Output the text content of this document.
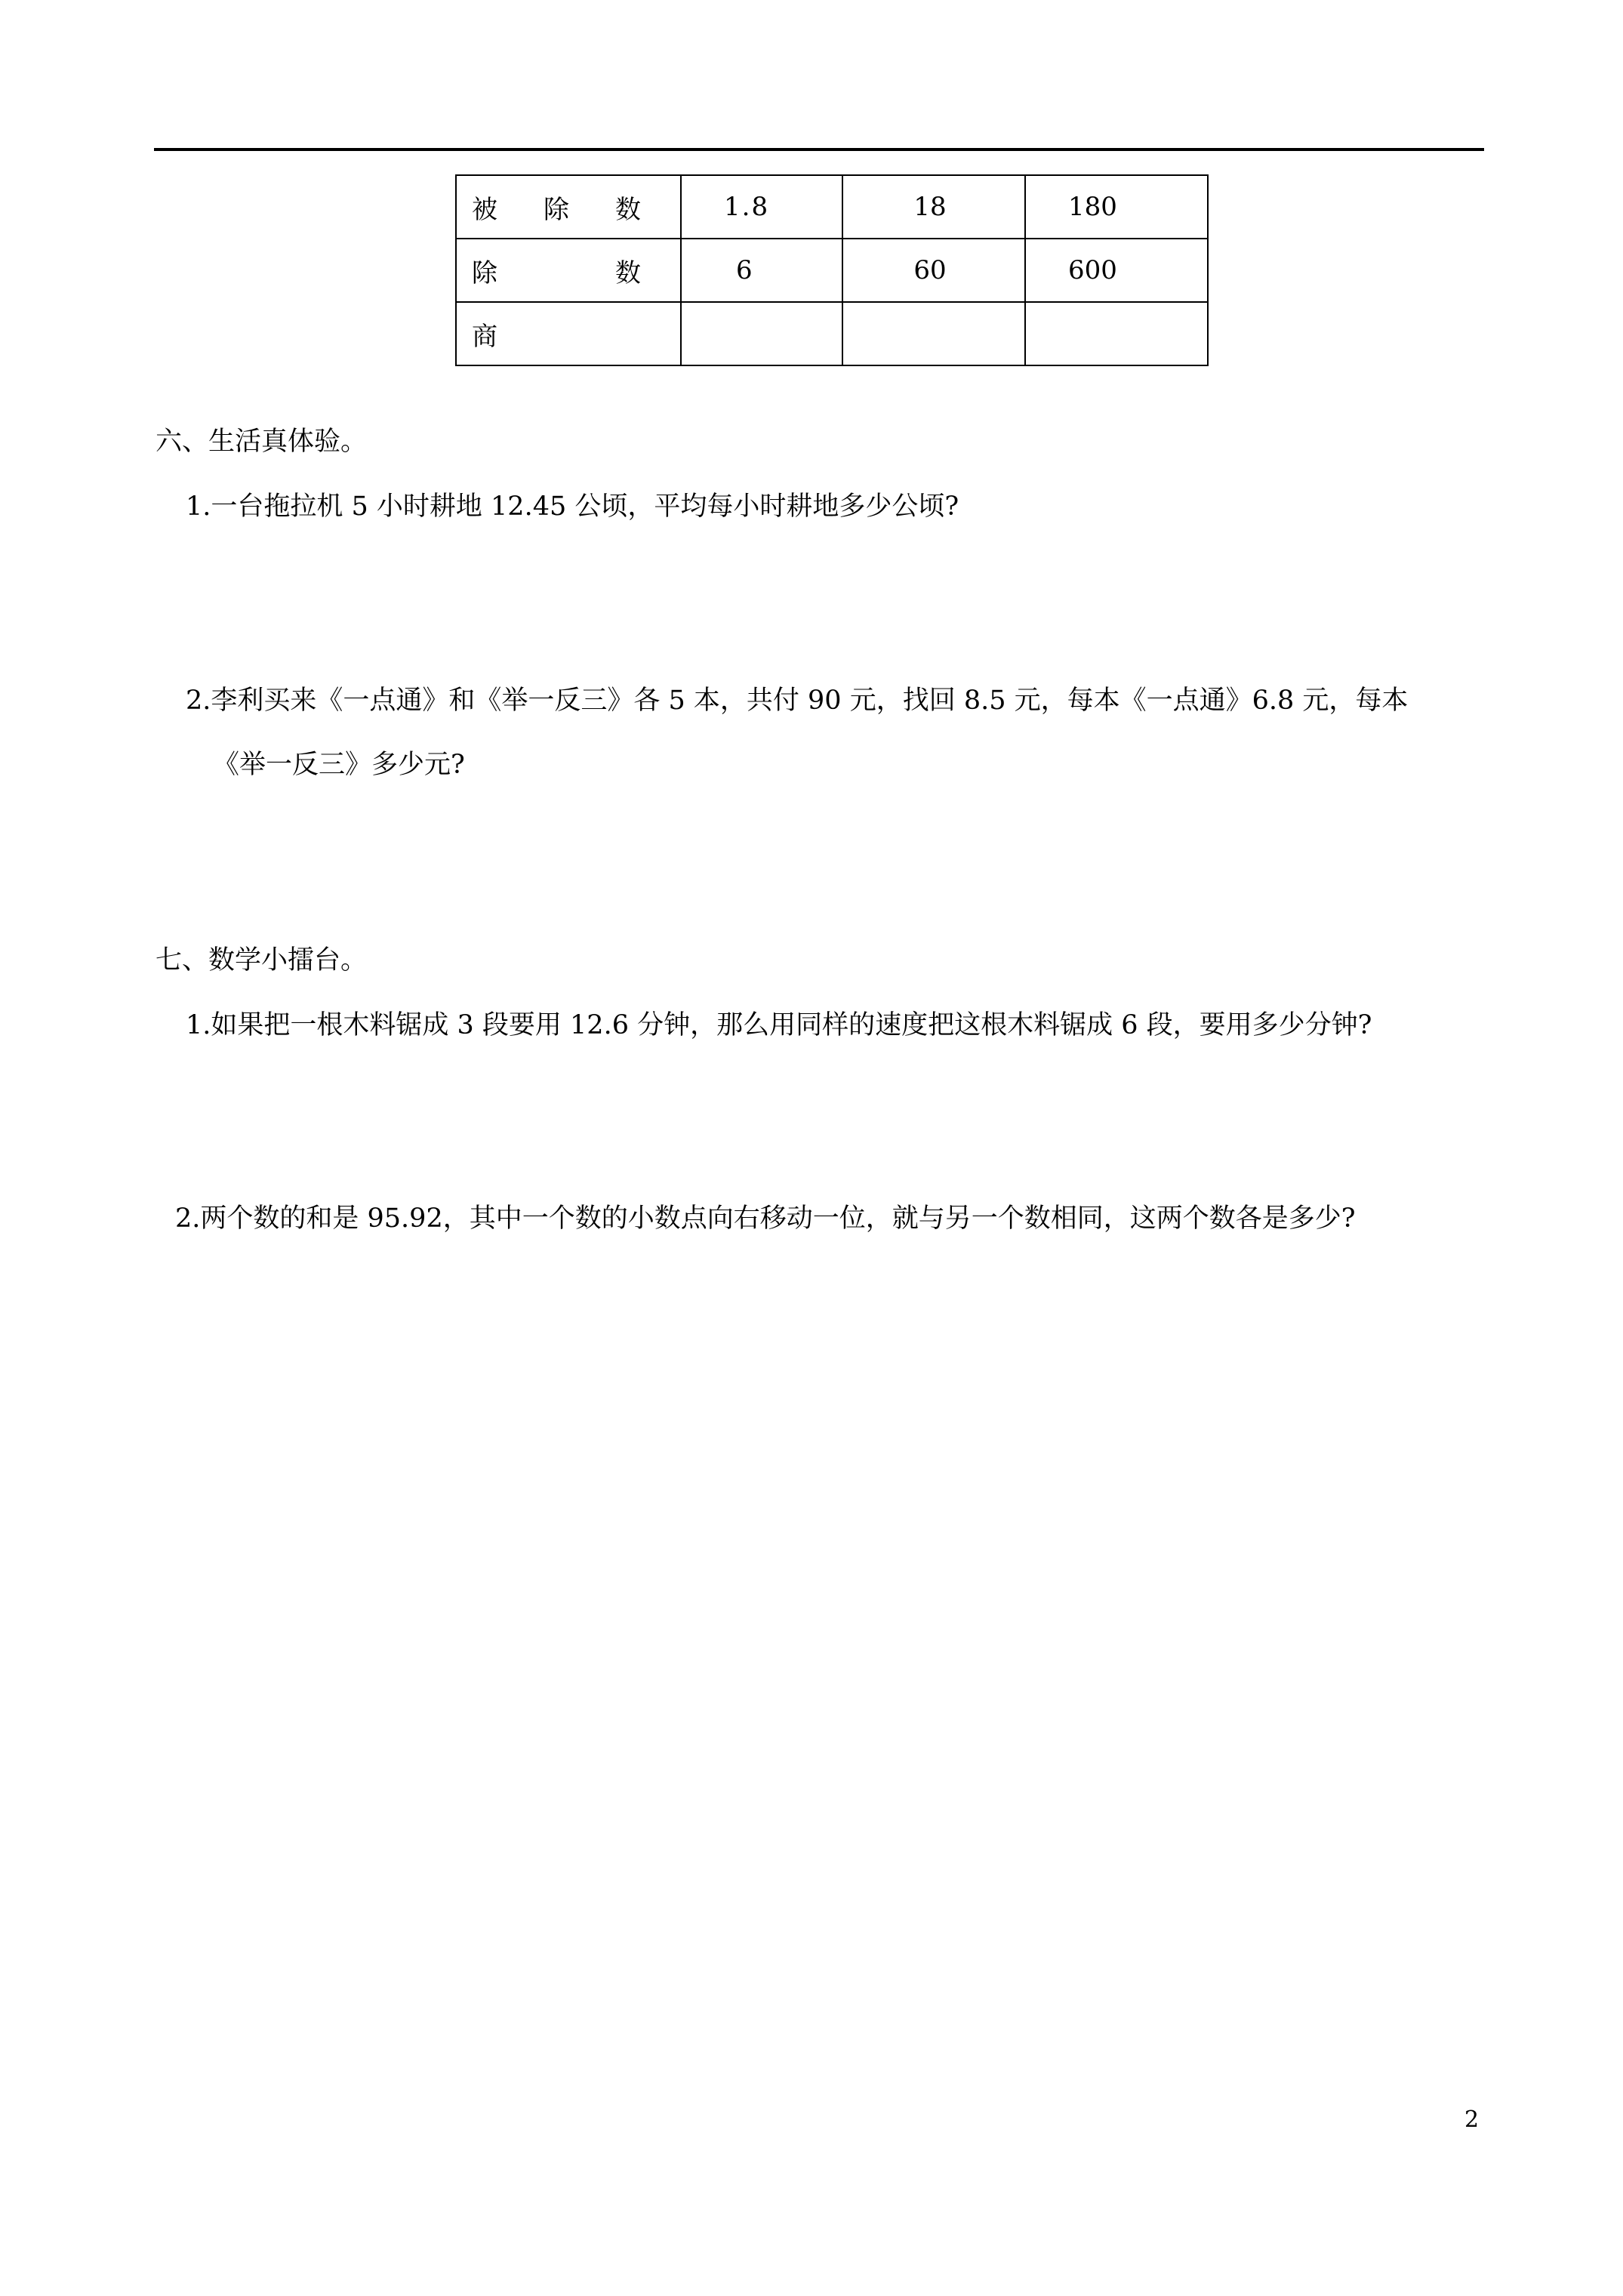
被 除 数	1.8	18	180

除 数	6	60	600

商			

六、生活真体验。
1.一台拖拉机 5 小时耕地 12.45 公顷，平均每小时耕地多少公顷?
2.李利买来《一点通》和《举一反三》各 5 本，共付 90 元，找回 8.5 元，每本《一点通》6.8 元，每本
《举一反三》多少元?
七、数学小擂台。
1.如果把一根木料锯成 3 段要用 12.6 分钟，那么用同样的速度把这根木料锯成 6 段，要用多少分钟?
2.两个数的和是 95.92，其中一个数的小数点向右移动一位，就与另一个数相同，这两个数各是多少?
2
